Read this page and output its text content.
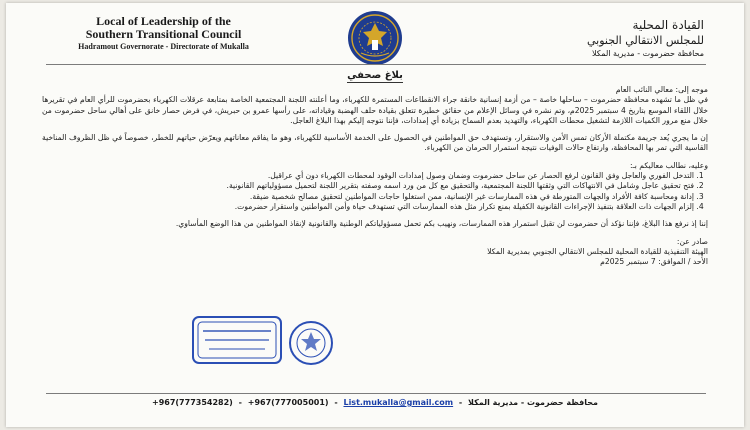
Local of Leadership of the
Southern Transitional Council
Hadramout Governorate - Directorate of Mukalla
القيادة المحلية
للمجلس الانتقالي الجنوبي
محافظة حضرموت - مديرية المكلا
بلاغ صحفي

موجه إلى: معالي النائب العام

في ظل ما تشهده محافظة حضرموت – ساحلها خاصة – من أزمة إنسانية خانقة جراء الانقطاعات المستمرة للكهرباء، وما أعلنته اللجنة المجتمعية الخاصة بمتابعة عرقلات الكهرباء بحضرموت للرأي العام في تقريرها خلال اللقاء الموسع بتاريخ 4 سبتمبر 2025م، وتم نشره في وسائل الإعلام من حقائق خطيرة تتعلق بقيادة حلف الهضبة وقياداته، على رأسها عمرو بن حبريش، في فرض حصار خانق على أهالي ساحل حضرموت من خلال منع مرور الكميات اللازمة لتشغيل محطات الكهرباء، والتهديد بعدم السماح بزيادة أي إمدادات، فإننا نتوجه إليكم بهذا البلاغ العاجل.

إن ما يجري يُعد جريمة مكتملة الأركان تمس الأمن والاستقرار، وتستهدف حق المواطنين في الحصول على الخدمة الأساسية للكهرباء، وهو ما يفاقم معاناتهم ويعرّض حياتهم للخطر، خصوصاً في ظل الظروف المناخية القاسية التي تمر بها المحافظة، وارتفاع حالات الوفيات نتيجة استمرار الحرمان من الكهرباء.

وعليه، نطالب معاليكم بـ:

1. التدخل الفوري والعاجل وفق القانون لرفع الحصار عن ساحل حضرموت وضمان وصول إمدادات الوقود لمحطات الكهرباء دون أي عراقيل.
2. فتح تحقيق عاجل وشامل في الانتهاكات التي وثقتها اللجنة المجتمعية، والتحقيق مع كل من ورد اسمه وصفته بتقرير اللجنة لتحميل مسؤولياتهم القانونية.
3. إدانة ومحاسبة كافة الأفراد والجهات المتورطة في هذه الممارسات غير الإنسانية، ممن استغلوا حاجات المواطنين لتحقيق مصالح شخصية ضيقة.
4. إلزام الجهات ذات العلاقة بتنفيذ الإجراءات القانونية الكفيلة بمنع تكرار مثل هذه الممارسات التي تستهدف حياة وأمن المواطنين واستقرار حضرموت.

إننا إذ نرفع هذا البلاغ، فإننا نؤكد أن حضرموت لن تقبل استمرار هذه الممارسات، ونهيب بكم تحمل مسؤولياتكم الوطنية والقانونية لإنقاذ المواطنين من هذا الوضع المأساوي.

صادر عن:

الهيئة التنفيذية للقيادة المحلية للمجلس الانتقالي الجنوبي بمديرية المكلا

الأحد / الموافق: 7 سبتمبر 2025م

محافظة حضرموت - مديرية المكلا - +967(777354282) - +967(777005001) - List.mukalla@gmail.com
